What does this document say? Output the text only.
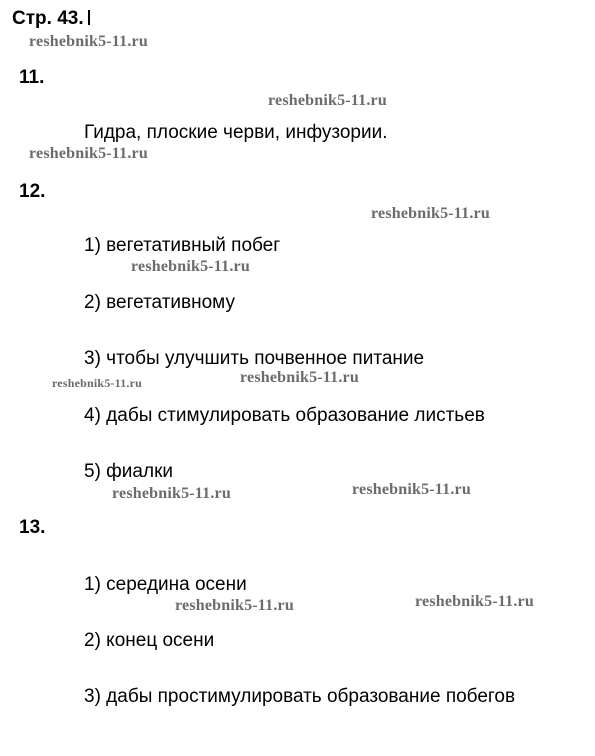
Стр. 43.
11.
Гидра, плоские черви, инфузории.
12.
1) вегетативный побег
2) вегетативному
3) чтобы улучшить почвенное питание
4) дабы стимулировать образование листьев
5) фиалки
13.
1) середина осени
2) конец осени
3) дабы простимулировать образование побегов
reshebnik5-11.ru
reshebnik5-11.ru
reshebnik5-11.ru
reshebnik5-11.ru
reshebnik5-11.ru
reshebnik5-11.ru	reshebnik5-11.ru
reshebnik5-11.ru	reshebnik5-11.ru
reshebnik5-11.ru	reshebnik5-11.ru
